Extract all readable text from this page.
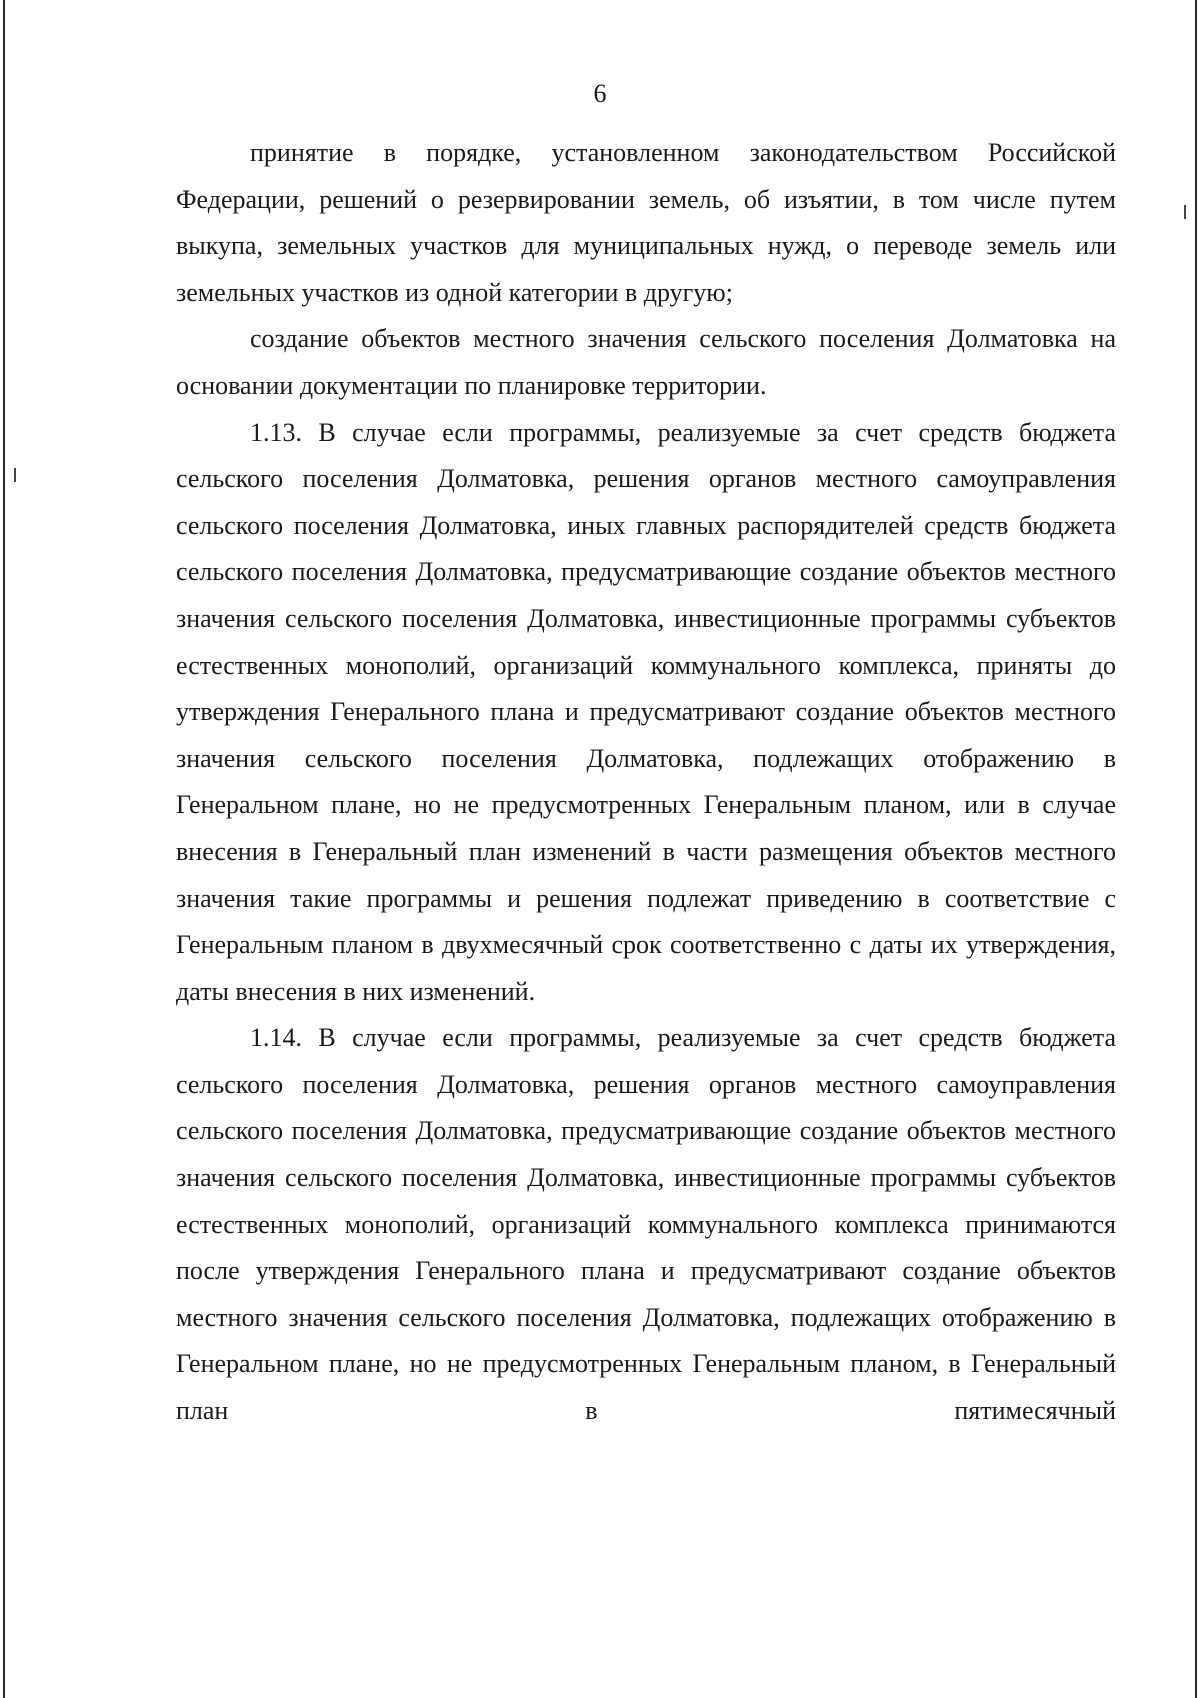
6

принятие в порядке, установленном законодательством Российской Федерации, решений о резервировании земель, об изъятии, в том числе путем выкупа, земельных участков для муниципальных нужд, о переводе земель или земельных участков из одной категории в другую;

создание объектов местного значения сельского поселения Долматовка на основании документации по планировке территории.

1.13. В случае если программы, реализуемые за счет средств бюджета сельского поселения Долматовка, решения органов местного самоуправления сельского поселения Долматовка, иных главных распорядителей средств бюджета сельского поселения Долматовка, предусматривающие создание объектов местного значения сельского поселения Долматовка, инвестиционные программы субъектов естественных монополий, организаций коммунального комплекса, приняты до утверждения Генерального плана и предусматривают создание объектов местного значения сельского поселения Долматовка, подлежащих отображению в Генеральном плане, но не предусмотренных Генеральным планом, или в случае внесения в Генеральный план изменений в части размещения объектов местного значения такие программы и решения подлежат приведению в соответствие с Генеральным планом в двухмесячный срок соответственно с даты их утверждения, даты внесения в них изменений.

1.14. В случае если программы, реализуемые за счет средств бюджета сельского поселения Долматовка, решения органов местного самоуправления сельского поселения Долматовка, предусматривающие создание объектов местного значения сельского поселения Долматовка, инвестиционные программы субъектов естественных монополий, организаций коммунального комплекса принимаются после утверждения Генерального плана и предусматривают создание объектов местного значения сельского поселения Долматовка, подлежащих отображению в Генеральном плане, но не предусмотренных Генеральным планом, в Генеральный план в пятимесячный
